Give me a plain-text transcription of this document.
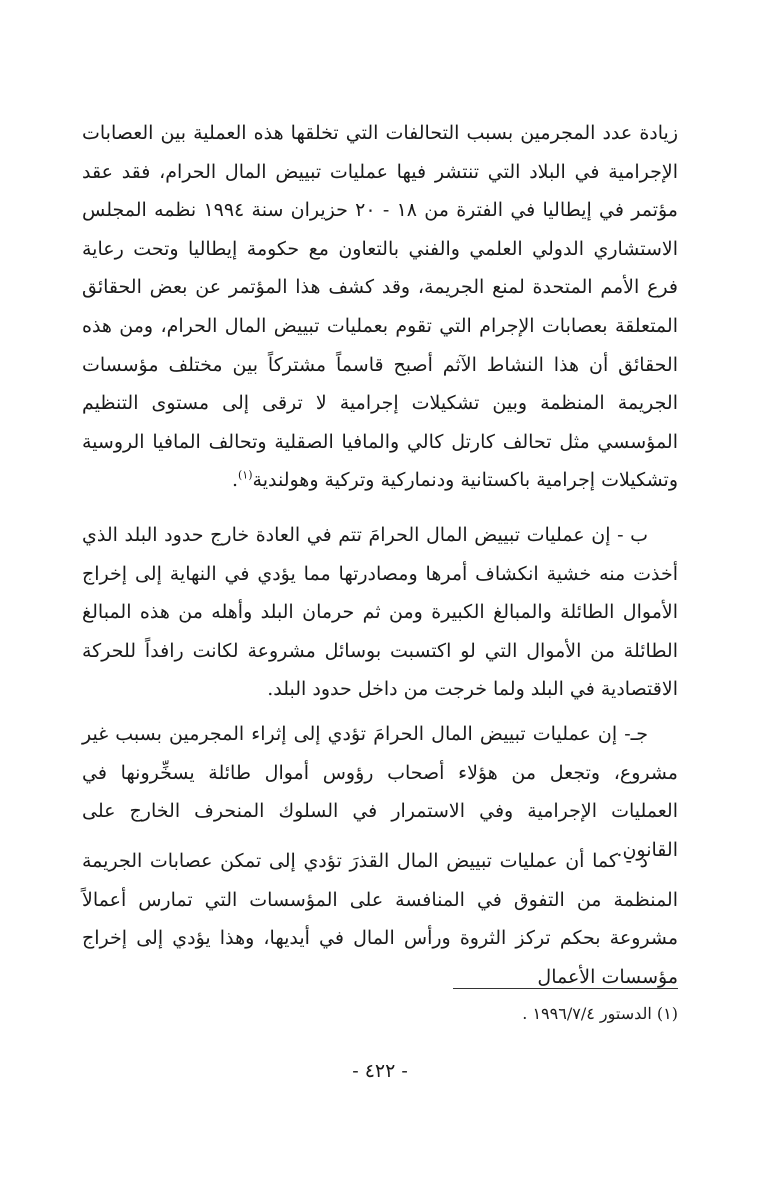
زيادة عدد المجرمين بسبب التحالفات التي تخلقها هذه العملية بين العصابات الإجرامية في البلاد التي تنتشر فيها عمليات تبييض المال الحرام، فقد عقد مؤتمر في إيطاليا في الفترة من ١٨ - ٢٠ حزيران سنة ١٩٩٤ نظمه المجلس الاستشاري الدولي العلمي والفني بالتعاون مع حكومة إيطاليا وتحت رعاية فرع الأمم المتحدة لمنع الجريمة، وقد كشف هذا المؤتمر عن بعض الحقائق المتعلقة بعصابات الإجرام التي تقوم بعمليات تبييض المال الحرام، ومن هذه الحقائق أن هذا النشاط الآثم أصبح قاسماً مشتركاً بين مختلف مؤسسات الجريمة المنظمة وبين تشكيلات إجرامية لا ترقى إلى مستوى التنظيم المؤسسي مثل تحالف كارتل كالي والمافيا الصقلية وتحالف المافيا الروسية وتشكيلات إجرامية باكستانية ودنماركية وتركية وهولندية$^{(١)}$.
ب - إن عمليات تبييض المال الحرامَ تتم في العادة خارج حدود البلد الذي أخذت منه خشية انكشاف أمرها ومصادرتها مما يؤدي في النهاية إلى إخراج الأموال الطائلة والمبالغ الكبيرة ومن ثم حرمان البلد وأهله من هذه المبالغ الطائلة من الأموال التي لو اكتسبت بوسائل مشروعة لكانت رافداً للحركة الاقتصادية في البلد ولما خرجت من داخل حدود البلد.
جـ- إن عمليات تبييض المال الحرامَ تؤدي إلى إثراء المجرمين بسبب غير مشروع، وتجعل من هؤلاء أصحاب رؤوس أموال طائلة يسخِّرونها في العمليات الإجرامية وفي الاستمرار في السلوك المنحرف الخارج على القانون.
د - كما أن عمليات تبييض المال القذرَ تؤدي إلى تمكن عصابات الجريمة المنظمة من التفوق في المنافسة على المؤسسات التي تمارس أعمالاً مشروعة بحكم تركز الثروة ورأس المال في أيديها، وهذا يؤدي إلى إخراج مؤسسات الأعمال
(١) الدستور ١٩٩٦/٧/٤ .
- ٤٢٢ -
